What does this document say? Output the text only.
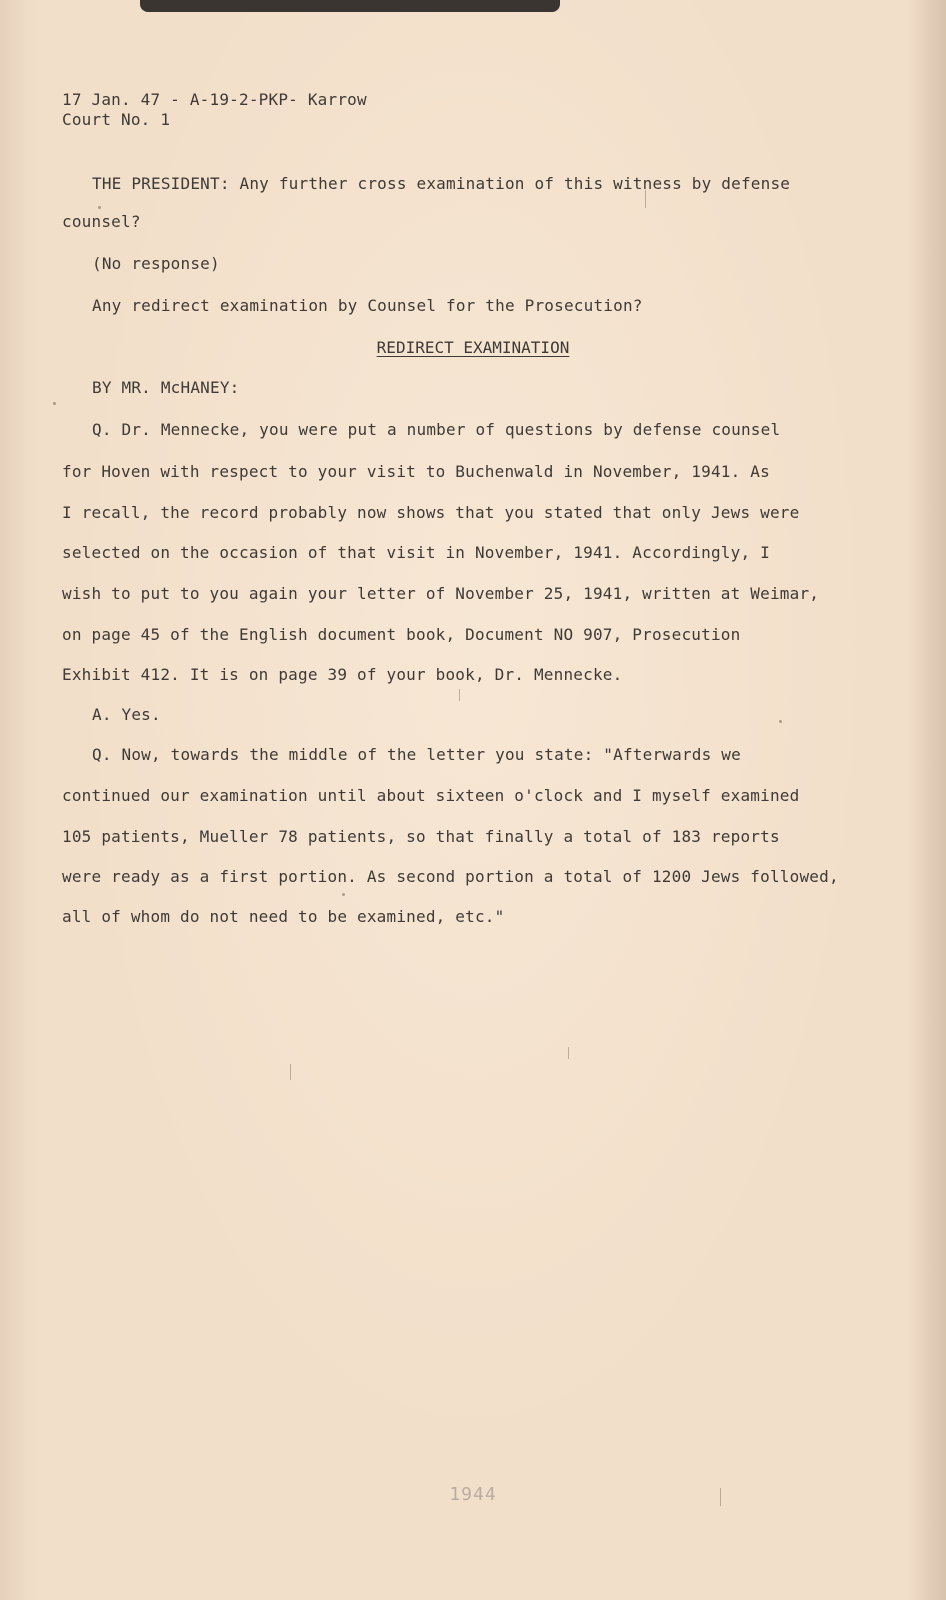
17 Jan. 47 - A-19-2-PKP- Karrow
Court No. 1
THE PRESIDENT: Any further cross examination of this witness by defense
counsel?
(No response)
Any redirect examination by Counsel for the Prosecution?
REDIRECT EXAMINATION
BY MR. McHANEY:
Q. Dr. Mennecke, you were put a number of questions by defense counsel
for Hoven with respect to your visit to Buchenwald in November, 1941. As
I recall, the record probably now shows that you stated that only Jews were
selected on the occasion of that visit in November, 1941. Accordingly, I
wish to put to you again your letter of November 25, 1941, written at Weimar,
on page 45 of the English document book, Document NO 907, Prosecution
Exhibit 412. It is on page 39 of your book, Dr. Mennecke.
A. Yes.
Q. Now, towards the middle of the letter you state: "Afterwards we
continued our examination until about sixteen o'clock and I myself examined
105 patients, Mueller 78 patients, so that finally a total of 183 reports
were ready as a first portion. As second portion a total of 1200 Jews followed,
all of whom do not need to be examined, etc."
1944
